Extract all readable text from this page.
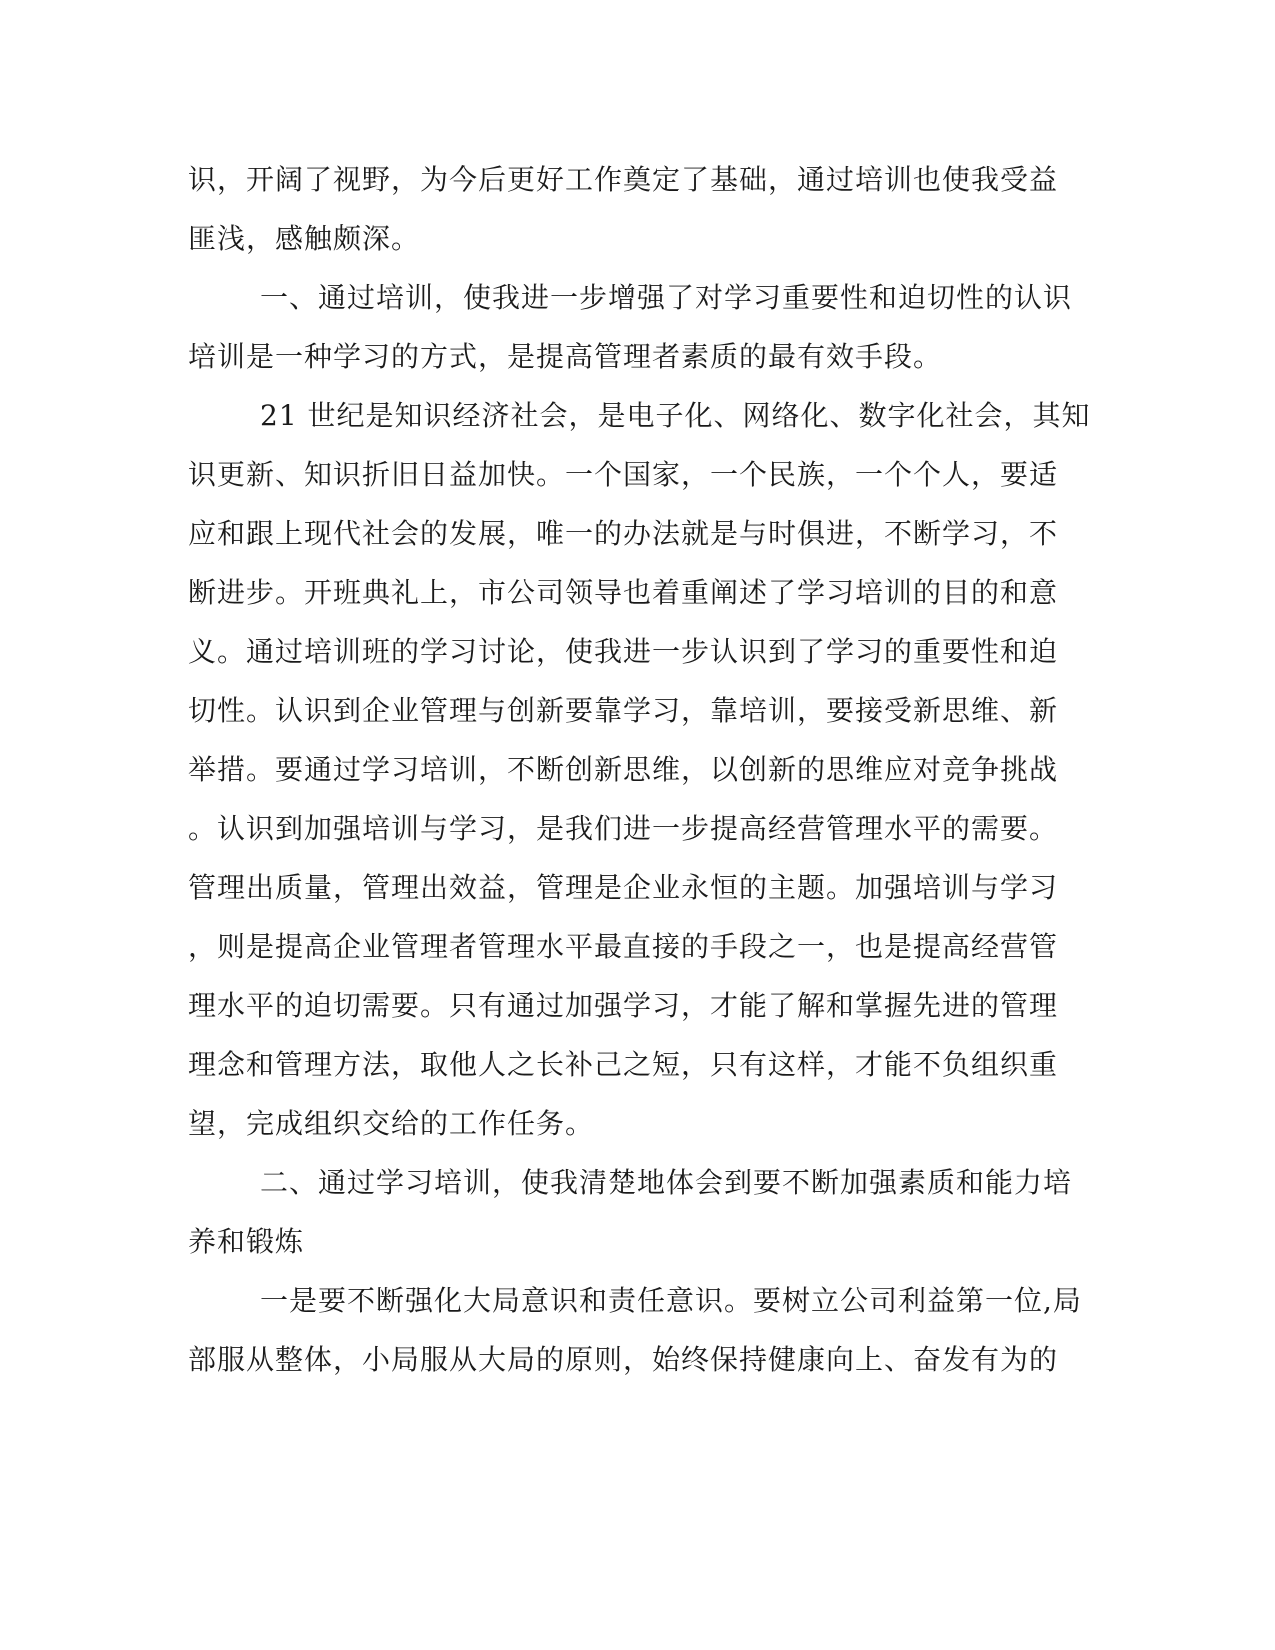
识，开阔了视野，为今后更好工作奠定了基础，通过培训也使我受益

匪浅，感触颇深。

一、通过培训，使我进一步增强了对学习重要性和迫切性的认识

培训是一种学习的方式，是提高管理者素质的最有效手段。

21 世纪是知识经济社会，是电子化、网络化、数字化社会，其知

识更新、知识折旧日益加快。一个国家，一个民族，一个个人，要适

应和跟上现代社会的发展，唯一的办法就是与时俱进，不断学习，不

断进步。开班典礼上，市公司领导也着重阐述了学习培训的目的和意

义。通过培训班的学习讨论，使我进一步认识到了学习的重要性和迫

切性。认识到企业管理与创新要靠学习，靠培训，要接受新思维、新

举措。要通过学习培训，不断创新思维，以创新的思维应对竞争挑战

。认识到加强培训与学习，是我们进一步提高经营管理水平的需要。

管理出质量，管理出效益，管理是企业永恒的主题。加强培训与学习

，则是提高企业管理者管理水平最直接的手段之一，也是提高经营管

理水平的迫切需要。只有通过加强学习，才能了解和掌握先进的管理

理念和管理方法，取他人之长补己之短，只有这样，才能不负组织重

望，完成组织交给的工作任务。

二、通过学习培训，使我清楚地体会到要不断加强素质和能力培

养和锻炼

一是要不断强化大局意识和责任意识。要树立公司利益第一位,局

部服从整体，小局服从大局的原则，始终保持健康向上、奋发有为的
